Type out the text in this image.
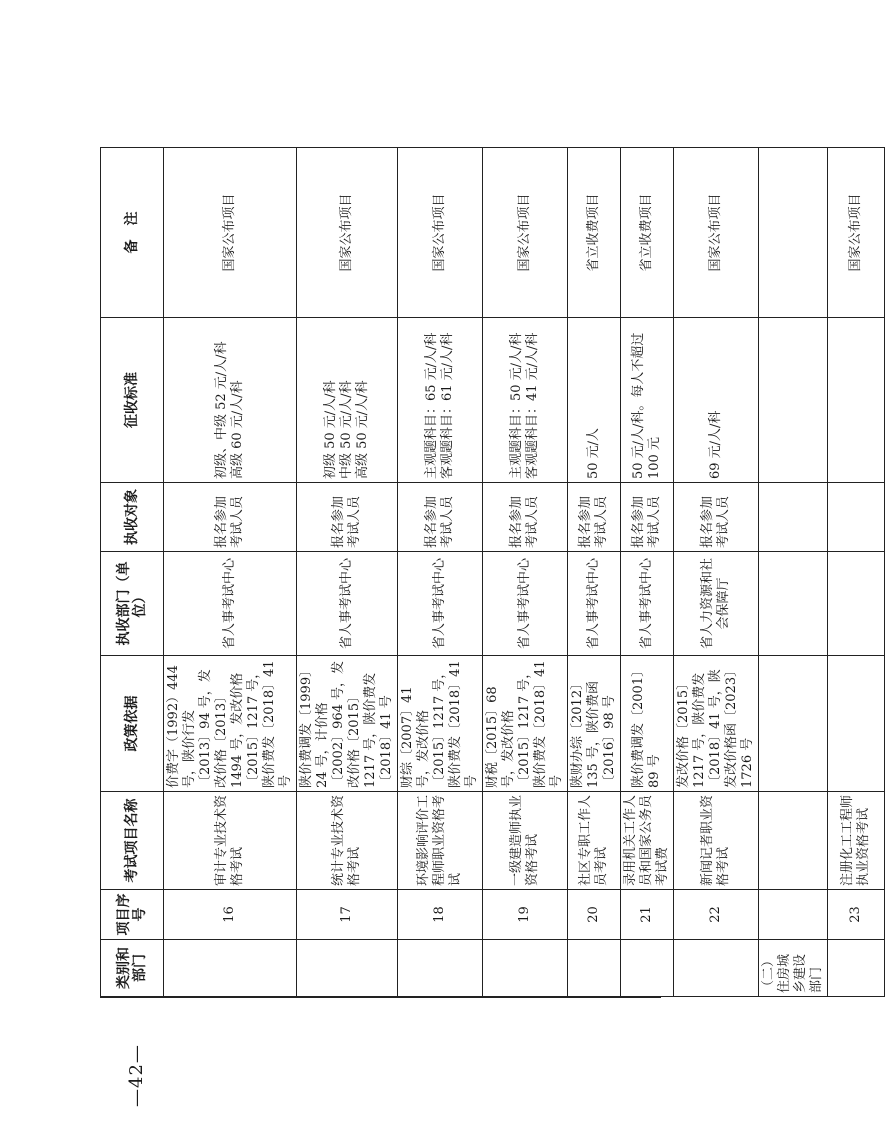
类别和部门	项目序号	考试项目名称	政策依据	执收部门（单位）	执收对象	征收标准	备　注
	16	审计专业技术资格考试	价费字（1992）444 号，陕价行发〔2013〕94 号，发改价格〔2013〕1494 号，发改价格〔2015〕1217 号，陕价费发〔2018〕41 号	省人事考试中心	报名参加考试人员	初级、中级 52 元/人/科
高级 60 元/人/科	国家公布项目
	17	统计专业技术资格考试	陕价费调发〔1999〕24 号，计价格〔2002〕964 号，发改价格〔2015〕1217 号，陕价费发〔2018〕41 号	省人事考试中心	报名参加考试人员	初级 50 元/人/科
中级 50 元/人/科
高级 50 元/人/科	国家公布项目
	18	环境影响评价工程师职业资格考试	财综〔2007〕41 号，发改价格〔2015〕1217 号，陕价费发〔2018〕41 号	省人事考试中心	报名参加考试人员	主观题科目：65 元/人/科
客观题科目：61 元/人/科	国家公布项目
	19	一级建造师执业资格考试	财税〔2015〕68 号，发改价格〔2015〕1217 号，陕价费发〔2018〕41 号	省人事考试中心	报名参加考试人员	主观题科目：50 元/人/科
客观题科目：41 元/人/科	国家公布项目
	20	社区专职工作人员考试	陕财办综〔2012〕135 号，陕价费函〔2016〕98 号	省人事考试中心	报名参加考试人员	50 元/人	省立收费项目
	21	录用机关工作人员和国家公务员考试费	陕价费调发〔2001〕89 号	省人事考试中心	报名参加考试人员	50 元/人/科。每人不超过 100 元	省立收费项目
	22	新闻记者职业资格考试	发改价格〔2015〕1217 号，陕价费发〔2018〕41 号，陕发改价格函〔2023〕1726 号	省人力资源和社会保障厅	报名参加考试人员	69 元/人/科	国家公布项目
（二）住房城乡建设部门							
	23	注册化工工程师执业资格考试					国家公布项目
—42—
